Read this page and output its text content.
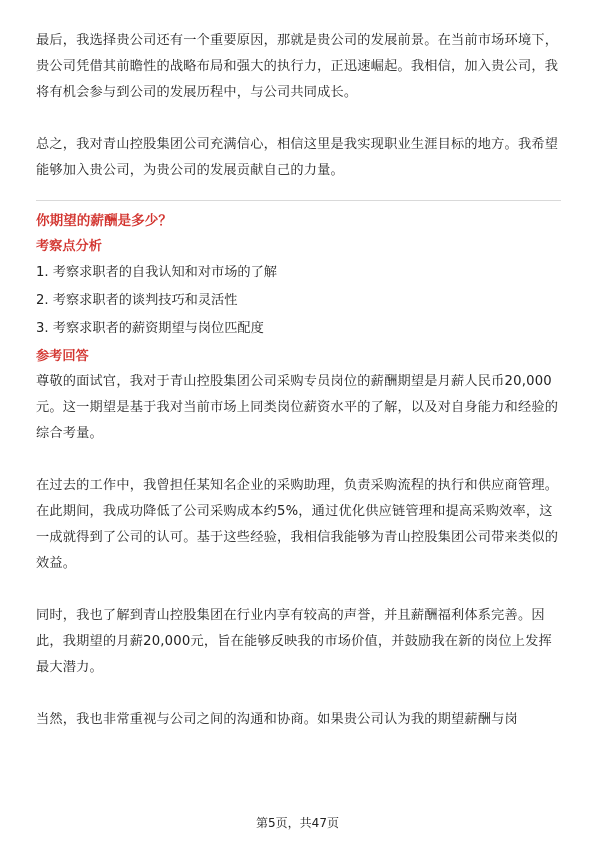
最后，我选择贵公司还有一个重要原因，那就是贵公司的发展前景。在当前市场环境下，贵公司凭借其前瞻性的战略布局和强大的执行力，正迅速崛起。我相信，加入贵公司，我将有机会参与到公司的发展历程中，与公司共同成长。

总之，我对青山控股集团公司充满信心，相信这里是我实现职业生涯目标的地方。我希望能够加入贵公司，为贵公司的发展贡献自己的力量。

你期望的薪酬是多少？
考察点分析
1. 考察求职者的自我认知和对市场的了解
2. 考察求职者的谈判技巧和灵活性
3. 考察求职者的薪资期望与岗位匹配度
参考回答

尊敬的面试官，我对于青山控股集团公司采购专员岗位的薪酬期望是月薪人民币20,000元。这一期望是基于我对当前市场上同类岗位薪资水平的了解，以及对自身能力和经验的综合考量。

在过去的工作中，我曾担任某知名企业的采购助理，负责采购流程的执行和供应商管理。在此期间，我成功降低了公司采购成本约5%，通过优化供应链管理和提高采购效率，这一成就得到了公司的认可。基于这些经验，我相信我能够为青山控股集团公司带来类似的效益。

同时，我也了解到青山控股集团在行业内享有较高的声誉，并且薪酬福利体系完善。因此，我期望的月薪20,000元，旨在能够反映我的市场价值，并鼓励我在新的岗位上发挥最大潜力。

当然，我也非常重视与公司之间的沟通和协商。如果贵公司认为我的期望薪酬与岗

第5页，共47页
